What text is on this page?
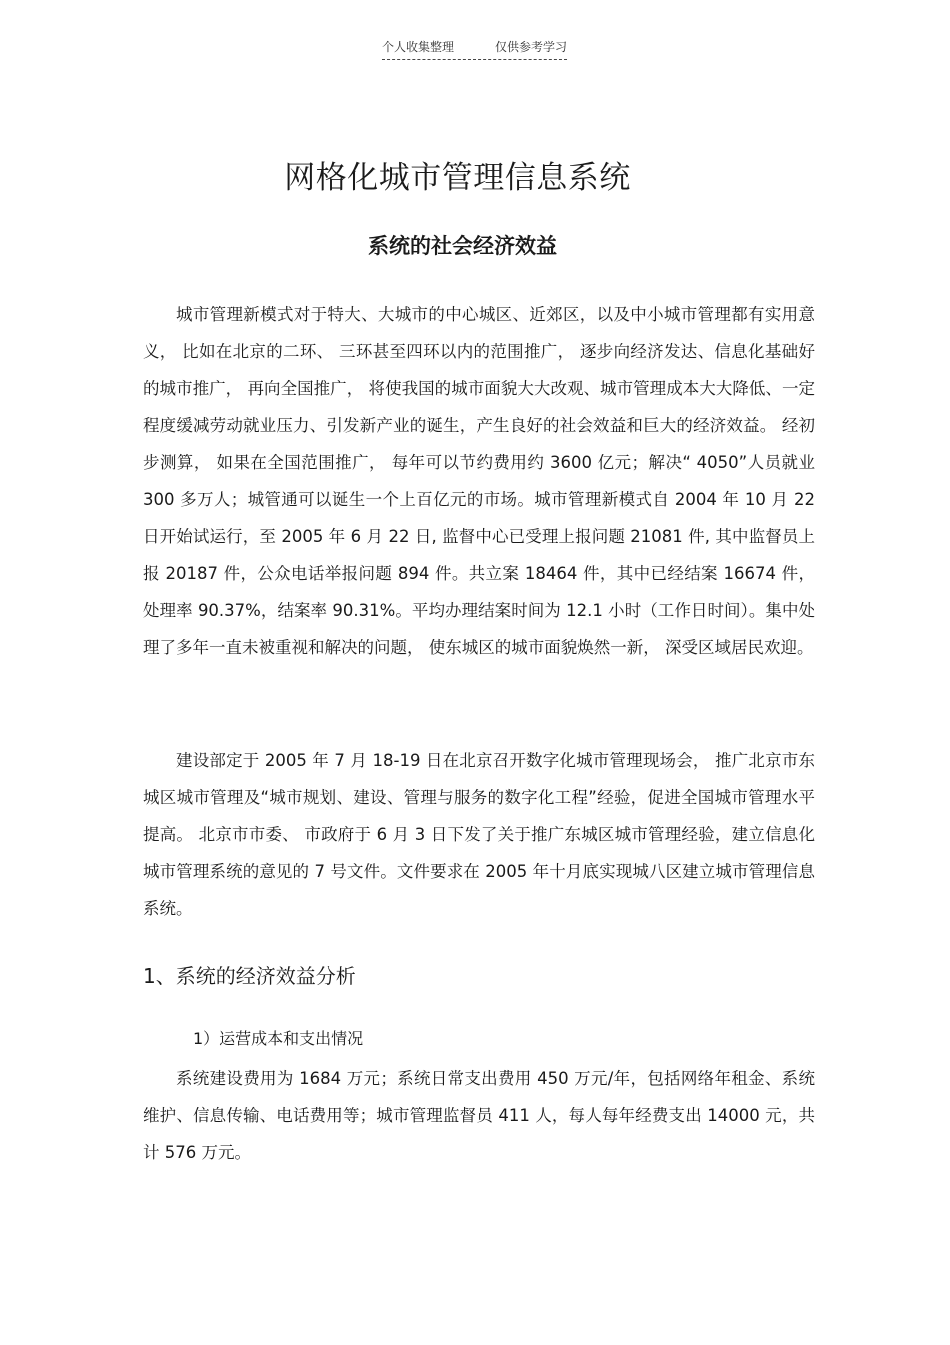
个人收集整理	仅供参考学习
网格化城市管理信息系统
系统的社会经济效益

城市管理新模式对于特大、大城市的中心城区、近郊区，以及中小城市管理都有实用意义， 比如在北京的二环、 三环甚至四环以内的范围推广， 逐步向经济发达、信息化基础好的城市推广， 再向全国推广， 将使我国的城市面貌大大改观、城市管理成本大大降低、一定程度缓减劳动就业压力、引发新产业的诞生，产生良好的社会效益和巨大的经济效益。 经初步测算， 如果在全国范围推广， 每年可以节约费用约 3600 亿元；解决“ 4050”人员就业 300 多万人；城管通可以诞生一个上百亿元的市场。城市管理新模式自 2004 年 10 月 22 日开始试运行，至 2005 年 6 月 22 日, 监督中心已受理上报问题 21081 件, 其中监督员上报 20187 件，公众电话举报问题 894 件。共立案 18464 件，其中已经结案 16674 件，处理率 90.37%，结案率 90.31%。平均办理结案时间为 12.1 小时（工作日时间）。集中处理了多年一直未被重视和解决的问题， 使东城区的城市面貌焕然一新， 深受区域居民欢迎。

建设部定于 2005 年 7 月 18-19 日在北京召开数字化城市管理现场会， 推广北京市东城区城市管理及“城市规划、建设、管理与服务的数字化工程”经验，促进全国城市管理水平提高。 北京市市委、 市政府于 6 月 3 日下发了关于推广东城区城市管理经验，建立信息化城市管理系统的意见的 7 号文件。文件要求在 2005 年十月底实现城八区建立城市管理信息系统。

1、系统的经济效益分析
1）运营成本和支出情况

系统建设费用为 1684 万元；系统日常支出费用 450 万元/年，包括网络年租金、系统维护、信息传输、电话费用等；城市管理监督员 411 人，每人每年经费支出 14000 元，共计 576 万元。
